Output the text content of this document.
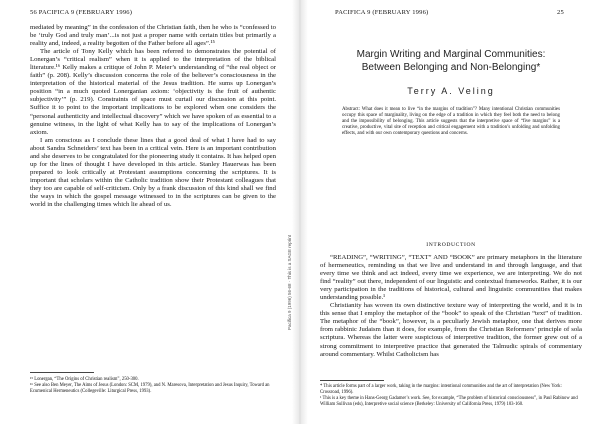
56 PACIFICA 9 (FEBRUARY 1996)

mediated by meaning” in the confession of the Christian faith, then he who is “confessed to be ‘truly God and truly man’...is not just a proper name with certain titles but primarily a reality and, indeed, a reality begotten of the Father before all ages”.¹⁵

The article of Tony Kelly which has been referred to demonstrates the potential of Lonergan’s “critical realism” when it is applied to the interpretation of the biblical literature.¹⁶ Kelly makes a critique of John P. Meier’s understanding of “the real object or faith” (p. 208). Kelly’s discussion concerns the role of the believer’s consciousness in the interpretation of the historical material of the Jesus tradition. He sums up Lonergan’s position “in a much quoted Lonerganian axiom: ‘objectivity is the fruit of authentic subjectivity’” (p. 219). Constraints of space must curtail our discussion at this point. Suffice it to point to the important implications to be explored when one considers the “personal authenticity and intellectual discovery” which we have spoken of as essential to a genuine witness, in the light of what Kelly has to say of the implications of Lonergan’s axiom.

I am conscious as I conclude these lines that a good deal of what I have had to say about Sandra Schneiders’ text has been in a critical vein. Here is an important contribution and she deserves to be congratulated for the pioneering study it contains. It has helped open up for the lines of thought I have developed in this article. Stanley Hauerwas has been prepared to look critically at Protestant assumptions concerning the scriptures. It is important that scholars within the Catholic tradition show their Protestant colleagues that they too are capable of self-criticism. Only by a frank discussion of this kind shall we find the ways in which the gospel message witnessed to in the scriptures can be given to the world in the challenging times which lie ahead of us.

¹⁵ Lonergan, “The Origins of Christian realism”, 250-300.

¹⁶ See also Ben Meyer, The Aims of Jesus (London: SCM, 1979), and N. Maresova, Interpretation and Jesus Inquiry, Toward an Ecumenical Hermeneutics (Collegeville: Liturgical Press, 1993).

Pacifica 9 (1996) 56-68 · This is a SAGE reprint
PACIFICA 9 (FEBRUARY 1996)	25
Margin Writing and Marginal Communities:
Between Belonging and Non-Belonging*
Terry A. Veling
Abstract: What does it mean to live “in the margins of tradition”? Many intentional Christian communities occupy this space of marginality, living on the edge of a tradition in which they feel both the need to belong and the impossibility of belonging. This article suggests that the interpretive space of “five margins” is a creative, productive, vital site of reception and critical engagement with a tradition’s unfolding and unfolding effects, and with our own contemporary questions and concerns.
INTRODUCTION

“READING”, “WRITING”, “TEXT” AND “BOOK” are primary metaphors in the literature of hermeneutics, reminding us that we live and understand in and through language, and that every time we think and act indeed, every time we experience, we are interpreting. We do not find “reality” out there, independent of our linguistic and contextual frameworks. Rather, it is our very participation in the traditions of historical, cultural and linguistic communities that makes understanding possible.¹

Christianity has woven its own distinctive texture way of interpreting the world, and it is in this sense that I employ the metaphor of the “book” to speak of the Christian “text” of tradition. The metaphor of the “book”, however, is a peculiarly Jewish metaphor, one that derives more from rabbinic Judaism than it does, for example, from the Christian Reformers’ principle of sola scriptura. Whereas the latter were suspicious of interpretive tradition, the former grew out of a strong commitment to interpretive practice that generated the Talmudic spirals of commentary around commentary. Whilst Catholicism has

* This article forms part of a larger work, taking in the margins: intentional communities and the art of interpretation (New York: Crossroad, 1996).

¹ This is a key theme in Hans-Georg Gadamer’s work. See, for example, “The problem of historical consciousness”, in Paul Rabinow and William Sullivan (eds), Interpretive social science (Berkeley: University of California Press, 1979) 103-160.
